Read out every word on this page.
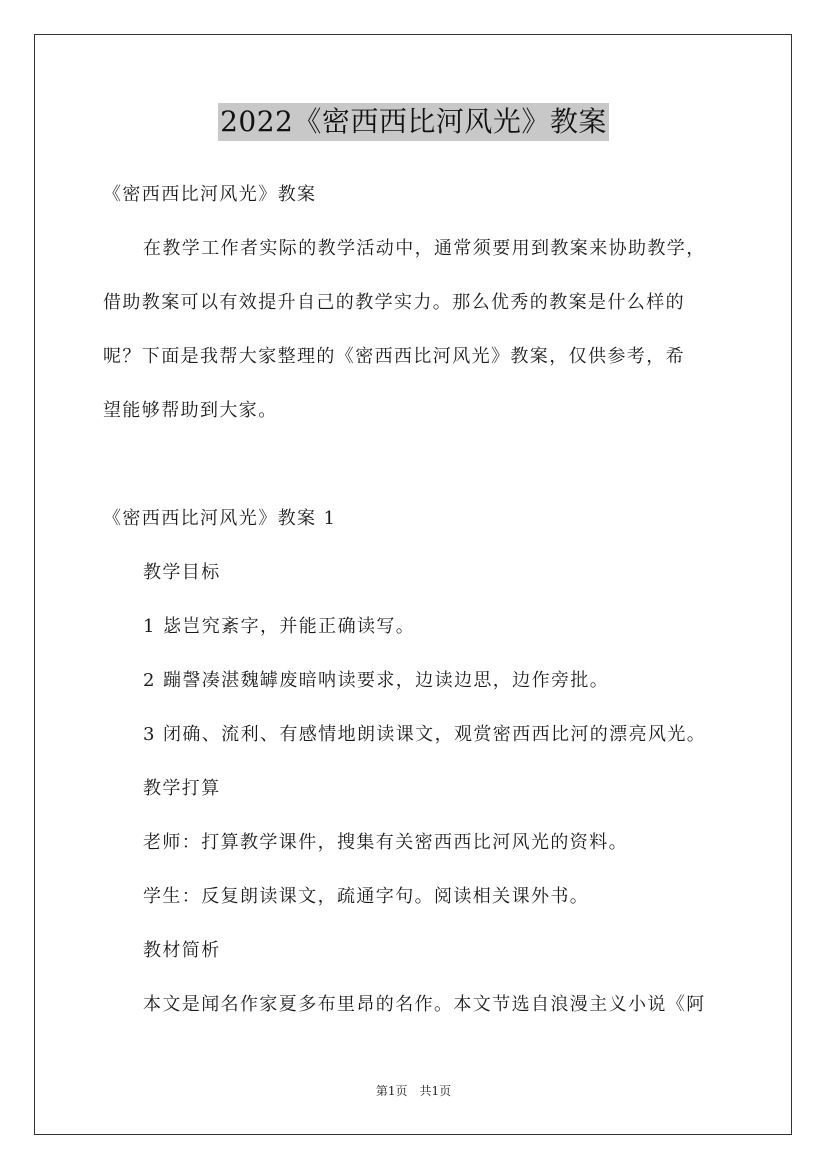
2022《密西西比河风光》教案
《密西西比河风光》教案
在教学工作者实际的教学活动中，通常须要用到教案来协助教学，
借助教案可以有效提升自己的教学实力。那么优秀的教案是什么样的
呢？下面是我帮大家整理的《密西西比河风光》教案，仅供参考，希
望能够帮助到大家。
《密西西比河风光》教案 1
教学目标
1 毖岂究紊字，并能正确读写。
2 蹦謦凑湛魏罅废暗呐读要求，边读边思，边作旁批。
3 闭确、流利、有感情地朗读课文，观赏密西西比河的漂亮风光。
教学打算
老师：打算教学课件，搜集有关密西西比河风光的资料。
学生：反复朗读课文，疏通字句。阅读相关课外书。
教材简析
本文是闻名作家夏多布里昂的名作。本文节选自浪漫主义小说《阿
第1页　共1页
